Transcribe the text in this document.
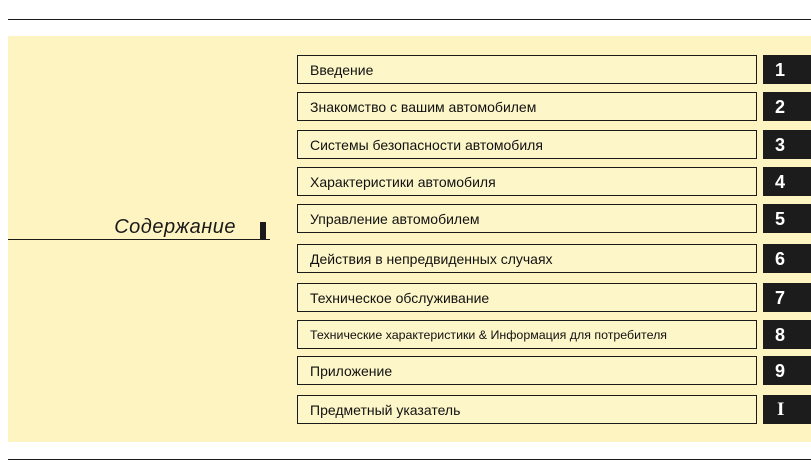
Содержание
Введение	1
Знакомство с вашим автомобилем	2
Системы безопасности автомобиля	3
Характеристики автомобиля	4
Управление автомобилем	5
Действия в непредвиденных случаях	6
Техническое обслуживание	7
Технические характеристики & Информация для потребителя	8
Приложение	9
Предметный указатель	I
